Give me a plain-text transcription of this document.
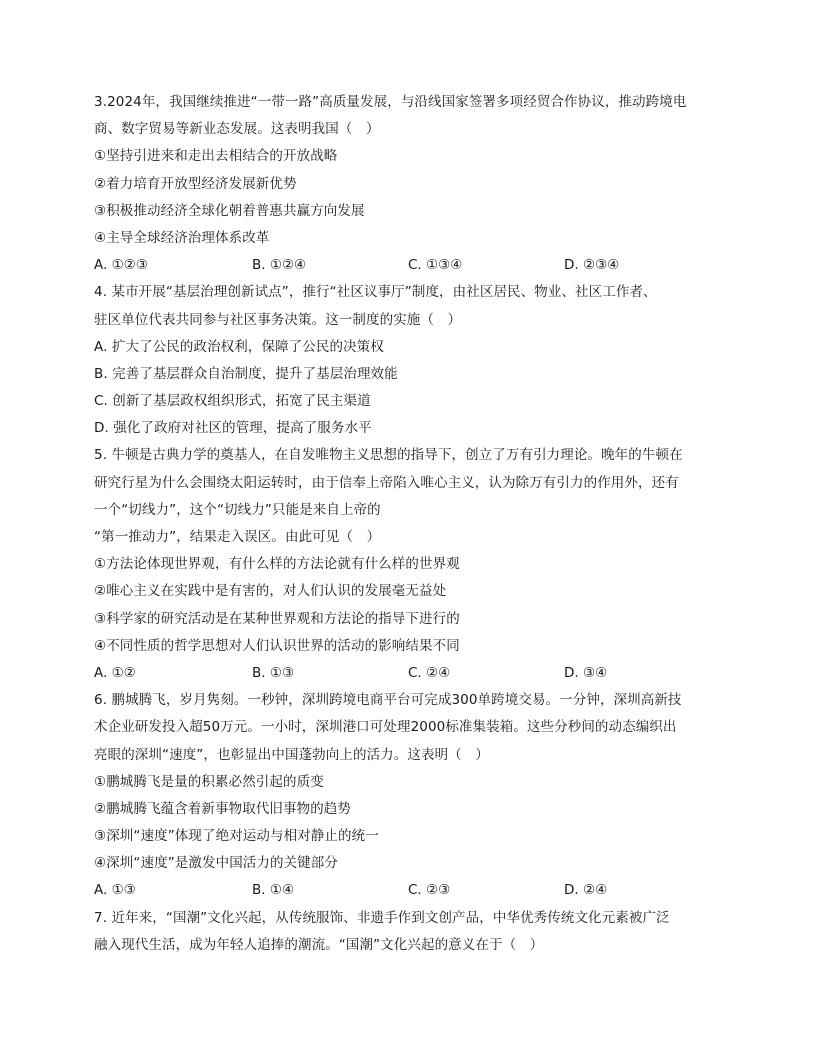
3.2024年，我国继续推进“一带一路”高质量发展，与沿线国家签署多项经贸合作协议，推动跨境电
商、数字贸易等新业态发展。这表明我国（　）
①坚持引进来和走出去相结合的开放战略
②着力培育开放型经济发展新优势
③积极推动经济全球化朝着普惠共赢方向发展
④主导全球经济治理体系改革
A. ①②③	B. ①②④	C. ①③④	D. ②③④
4. 某市开展“基层治理创新试点”，推行“社区议事厅”制度，由社区居民、物业、社区工作者、
驻区单位代表共同参与社区事务决策。这一制度的实施（　）
A. 扩大了公民的政治权利，保障了公民的决策权
B. 完善了基层群众自治制度，提升了基层治理效能
C. 创新了基层政权组织形式，拓宽了民主渠道
D. 强化了政府对社区的管理，提高了服务水平
5. 牛顿是古典力学的奠基人，在自发唯物主义思想的指导下，创立了万有引力理论。晚年的牛顿在
研究行星为什么会围绕太阳运转时，由于信奉上帝陷入唯心主义，认为除万有引力的作用外，还有
一个“切线力”，这个“切线力”只能是来自上帝的
“第一推动力”，结果走入误区。由此可见（　）
①方法论体现世界观，有什么样的方法论就有什么样的世界观
②唯心主义在实践中是有害的，对人们认识的发展毫无益处
③科学家的研究活动是在某种世界观和方法论的指导下进行的
④不同性质的哲学思想对人们认识世界的活动的影响结果不同
A. ①②	B. ①③	C. ②④	D. ③④
6. 鹏城腾飞，岁月隽刻。一秒钟，深圳跨境电商平台可完成300单跨境交易。一分钟，深圳高新技
术企业研发投入超50万元。一小时，深圳港口可处理2000标准集装箱。这些分秒间的动态编织出
亮眼的深圳“速度”，也彰显出中国蓬勃向上的活力。这表明（　）
①鹏城腾飞是量的积累必然引起的质变
②鹏城腾飞蕴含着新事物取代旧事物的趋势
③深圳“速度”体现了绝对运动与相对静止的统一
④深圳“速度”是激发中国活力的关键部分
A. ①③	B. ①④	C. ②③	D. ②④
7. 近年来，“国潮”文化兴起，从传统服饰、非遗手作到文创产品，中华优秀传统文化元素被广泛
融入现代生活，成为年轻人追捧的潮流。“国潮”文化兴起的意义在于（　）
